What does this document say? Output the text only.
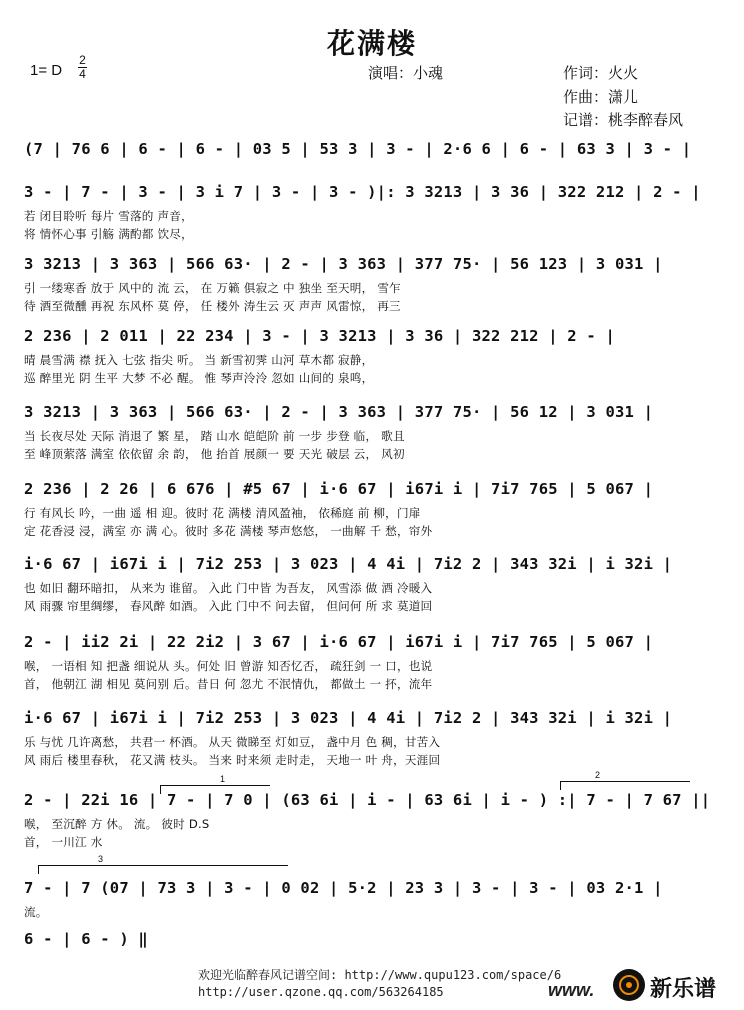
花满楼
1= D
2
4	演唱：小魂	作词：火火
作曲：潇儿
记谱：桃李醉春风
(7 | 76 6 | 6 - | 6 - | 03 5 | 53 3 | 3 - | 2·6 6 | 6 - | 63 3 | 3 - |
3 - | 7 - | 3 - | 3 i 7 | 3 - | 3 - )|: 3 3213 | 3 36 | 322 212 | 2 - |
若 闭目聆听 每片 雪落的 声音，
将 情怀心事 引觞 满酌都 饮尽，
3 3213 | 3 363 | 566 63· | 2 - | 3 363 | 377 75· | 56 123 | 3 031 |
引 一缕寒香 放于 风中的 流 云， 在 万籁 俱寂之 中 独坐 至天明， 雪乍
待 酒至微醺 再祝 东风杯 莫 停， 任 楼外 涛生云 灭 声声 风雷惊， 再三
2 236 | 2 011 | 22 234 | 3 - | 3 3213 | 3 36 | 322 212 | 2 - |
晴 晨雪满 襟 抚入 七弦 指尖 听。 当 新雪初霁 山河 草木都 寂静，
巡 醉里光 阴 生平 大梦 不必 醒。 惟 琴声泠泠 忽如 山间的 泉鸣，
3 3213 | 3 363 | 566 63· | 2 - | 3 363 | 377 75· | 56 12 | 3 031 |
当 长夜尽处 天际 消退了 繁 星， 踏 山水 皑皑阶 前 一步 步登 临， 歌且
至 峰顶萦落 满室 依依留 余 韵， 他 抬首 展颜一 要 天光 破层 云， 风初
2 236 | 2 26 | 6 676 | #5 67 | i·6 67 | i67i i | 7i7 765 | 5 067 |
行 有风长 吟，一曲 遥 相 迎。彼时 花 满楼 清风盈袖， 依稀庭 前 柳，门扉
定 花香浸 浸，满室 亦 满 心。彼时 多花 满楼 琴声悠悠， 一曲解 千 愁，帘外
i·6 67 | i67i i | 7i2 253 | 3 023 | 4 4i | 7i2 2 | 343 32i | i 32i |
也 如旧 翻环暗扣， 从来为 谁留。 入此 门中皆 为吾友， 风雪添 做 酒 冷暖入
风 雨骤 帘里绸缪， 春风醉 如酒。 入此 门中不 问去留， 但问何 所 求 莫道回
2 - | ii2 2i | 22 2i2 | 3 67 | i·6 67 | i67i i | 7i7 765 | 5 067 |
喉， 一语相 知 把盏 细说从 头。何处 旧 曾游 知否忆否， 疏狂剑 一 口，也说
首， 他朝江 湖 相见 莫问别 后。昔日 何 忽尤 不泯情仇， 都做土 一 抔，流年
i·6 67 | i67i i | 7i2 253 | 3 023 | 4 4i | 7i2 2 | 343 32i | i 32i |
乐 与忧 几许离愁， 共君一 杯酒。 从天 微睇至 灯如豆， 盏中月 色 稠，甘苦入
风 雨后 楼里春秋， 花又满 枝头。 当来 时来须 走时走， 天地一 叶 舟，天涯回
2 - | 22i 16 | 7 - | 7 0 | (63 6i | i - | 63 6i | i - ) :| 7 - | 7 67 ||
喉， 至沉醉 方 休。 流。 彼时 D.S
首， 一川江 水
7 - | 7 (07 | 73 3 | 3 - | 0 02 | 5·2 | 23 3 | 3 - | 3 - | 03 2·1 |
流。
6 - | 6 - ) ‖
1	2
3
欢迎光临醉春风记谱空间: http://www.qupu123.com/space/6
http://user.qzone.qq.com/563264185	www.	新乐谱
